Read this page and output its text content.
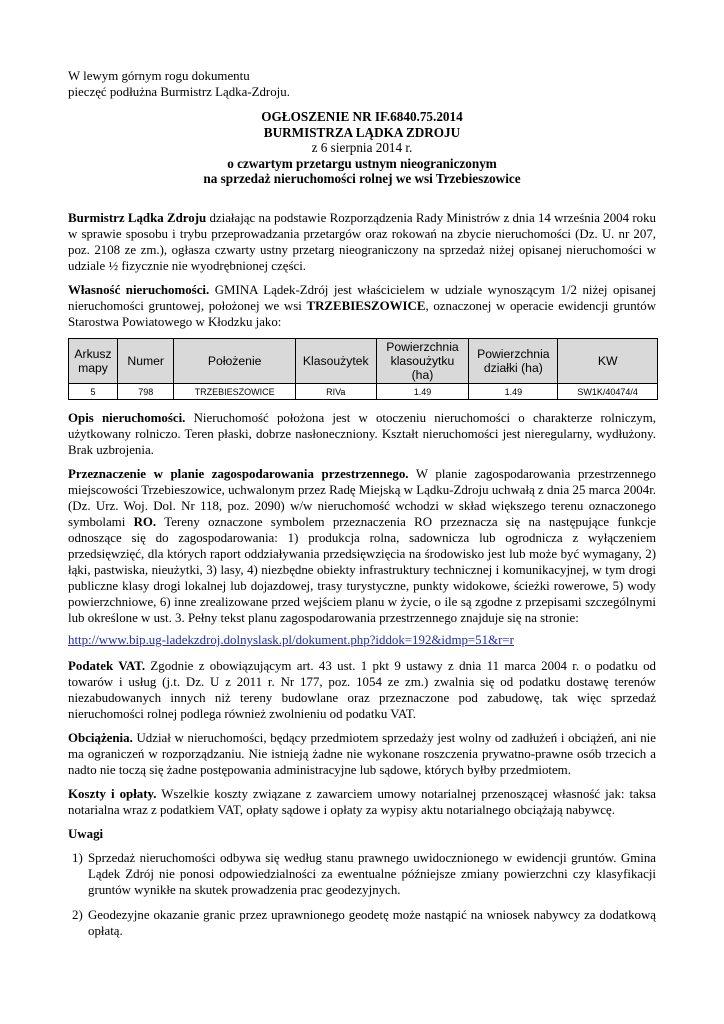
W lewym górnym rogu dokumentu
pieczęć podłużna Burmistrz Lądka-Zdroju.
OGŁOSZENIE NR IF.6840.75.2014
BURMISTRZA LĄDKA ZDROJU
z 6 sierpnia 2014 r.
o czwartym przetargu ustnym nieograniczonym
na sprzedaż nieruchomości rolnej we wsi Trzebieszowice

Burmistrz Lądka Zdroju działając na podstawie Rozporządzenia Rady Ministrów z dnia 14 września 2004 roku w sprawie sposobu i trybu przeprowadzania przetargów oraz rokowań na zbycie nieruchomości (Dz. U. nr 207, poz. 2108 ze zm.), ogłasza czwarty ustny przetarg nieograniczony na sprzedaż niżej opisanej nieruchomości w udziale ½ fizycznie nie wyodrębnionej części.

Własność nieruchomości. GMINA Lądek-Zdrój jest właścicielem w udziale wynoszącym 1/2 niżej opisanej nieruchomości gruntowej, położonej we wsi TRZEBIESZOWICE, oznaczonej w operacie ewidencji gruntów Starostwa Powiatowego w Kłodzku jako:

Arkusz mapy	Numer	Położenie	Klasoużytek	Powierzchnia klasoużytku (ha)	Powierzchnia działki (ha)	KW
5	798	TRZEBIESZOWICE	RIVa	1.49	1.49	SW1K/40474/4

Opis nieruchomości. Nieruchomość położona jest w otoczeniu nieruchomości o charakterze rolniczym, użytkowany rolniczo. Teren płaski, dobrze nasłoneczniony. Kształt nieruchomości jest nieregularny, wydłużony. Brak uzbrojenia.

Przeznaczenie w planie zagospodarowania przestrzennego. W planie zagospodarowania przestrzennego miejscowości Trzebieszowice, uchwalonym przez Radę Miejską w Lądku-Zdroju uchwałą z dnia 25 marca 2004r. (Dz. Urz. Woj. Dol. Nr 118, poz. 2090) w/w nieruchomość wchodzi w skład większego terenu oznaczonego symbolami RO. Tereny oznaczone symbolem przeznaczenia RO przeznacza się na następujące funkcje odnoszące się do zagospodarowania: 1) produkcja rolna, sadownicza lub ogrodnicza z wyłączeniem przedsięwzięć, dla których raport oddziaływania przedsięwzięcia na środowisko jest lub może być wymagany, 2) łąki, pastwiska, nieużytki, 3) lasy, 4) niezbędne obiekty infrastruktury technicznej i komunikacyjnej, w tym drogi publiczne klasy drogi lokalnej lub dojazdowej, trasy turystyczne, punkty widokowe, ścieżki rowerowe, 5) wody powierzchniowe, 6) inne zrealizowane przed wejściem planu w życie, o ile są zgodne z przepisami szczególnymi lub określone w ust. 3. Pełny tekst planu zagospodarowania przestrzennego znajduje się na stronie:

http://www.bip.ug-ladekzdroj.dolnyslask.pl/dokument.php?iddok=192&idmp=51&r=r

Podatek VAT. Zgodnie z obowiązującym art. 43 ust. 1 pkt 9 ustawy z dnia 11 marca 2004 r. o podatku od towarów i usług (j.t. Dz. U z 2011 r. Nr 177, poz. 1054 ze zm.) zwalnia się od podatku dostawę terenów niezabudowanych innych niż tereny budowlane oraz przeznaczone pod zabudowę, tak więc sprzedaż nieruchomości rolnej podlega również zwolnieniu od podatku VAT.

Obciążenia. Udział w nieruchomości, będący przedmiotem sprzedaży jest wolny od zadłużeń i obciążeń, ani nie ma ograniczeń w rozporządzaniu. Nie istnieją żadne nie wykonane roszczenia prywatno-prawne osób trzecich a nadto nie toczą się żadne postępowania administracyjne lub sądowe, których byłby przedmiotem.

Koszty i opłaty. Wszelkie koszty związane z zawarciem umowy notarialnej przenoszącej własność jak: taksa notarialna wraz z podatkiem VAT, opłaty sądowe i opłaty za wypisy aktu notarialnego obciążają nabywcę.

Uwagi
1) Sprzedaż nieruchomości odbywa się według stanu prawnego uwidocznionego w ewidencji gruntów. Gmina Lądek Zdrój nie ponosi odpowiedzialności za ewentualne późniejsze zmiany powierzchni czy klasyfikacji gruntów wynikłe na skutek prowadzenia prac geodezyjnych.
2) Geodezyjne okazanie granic przez uprawnionego geodetę może nastąpić na wniosek nabywcy za dodatkową opłatą.
